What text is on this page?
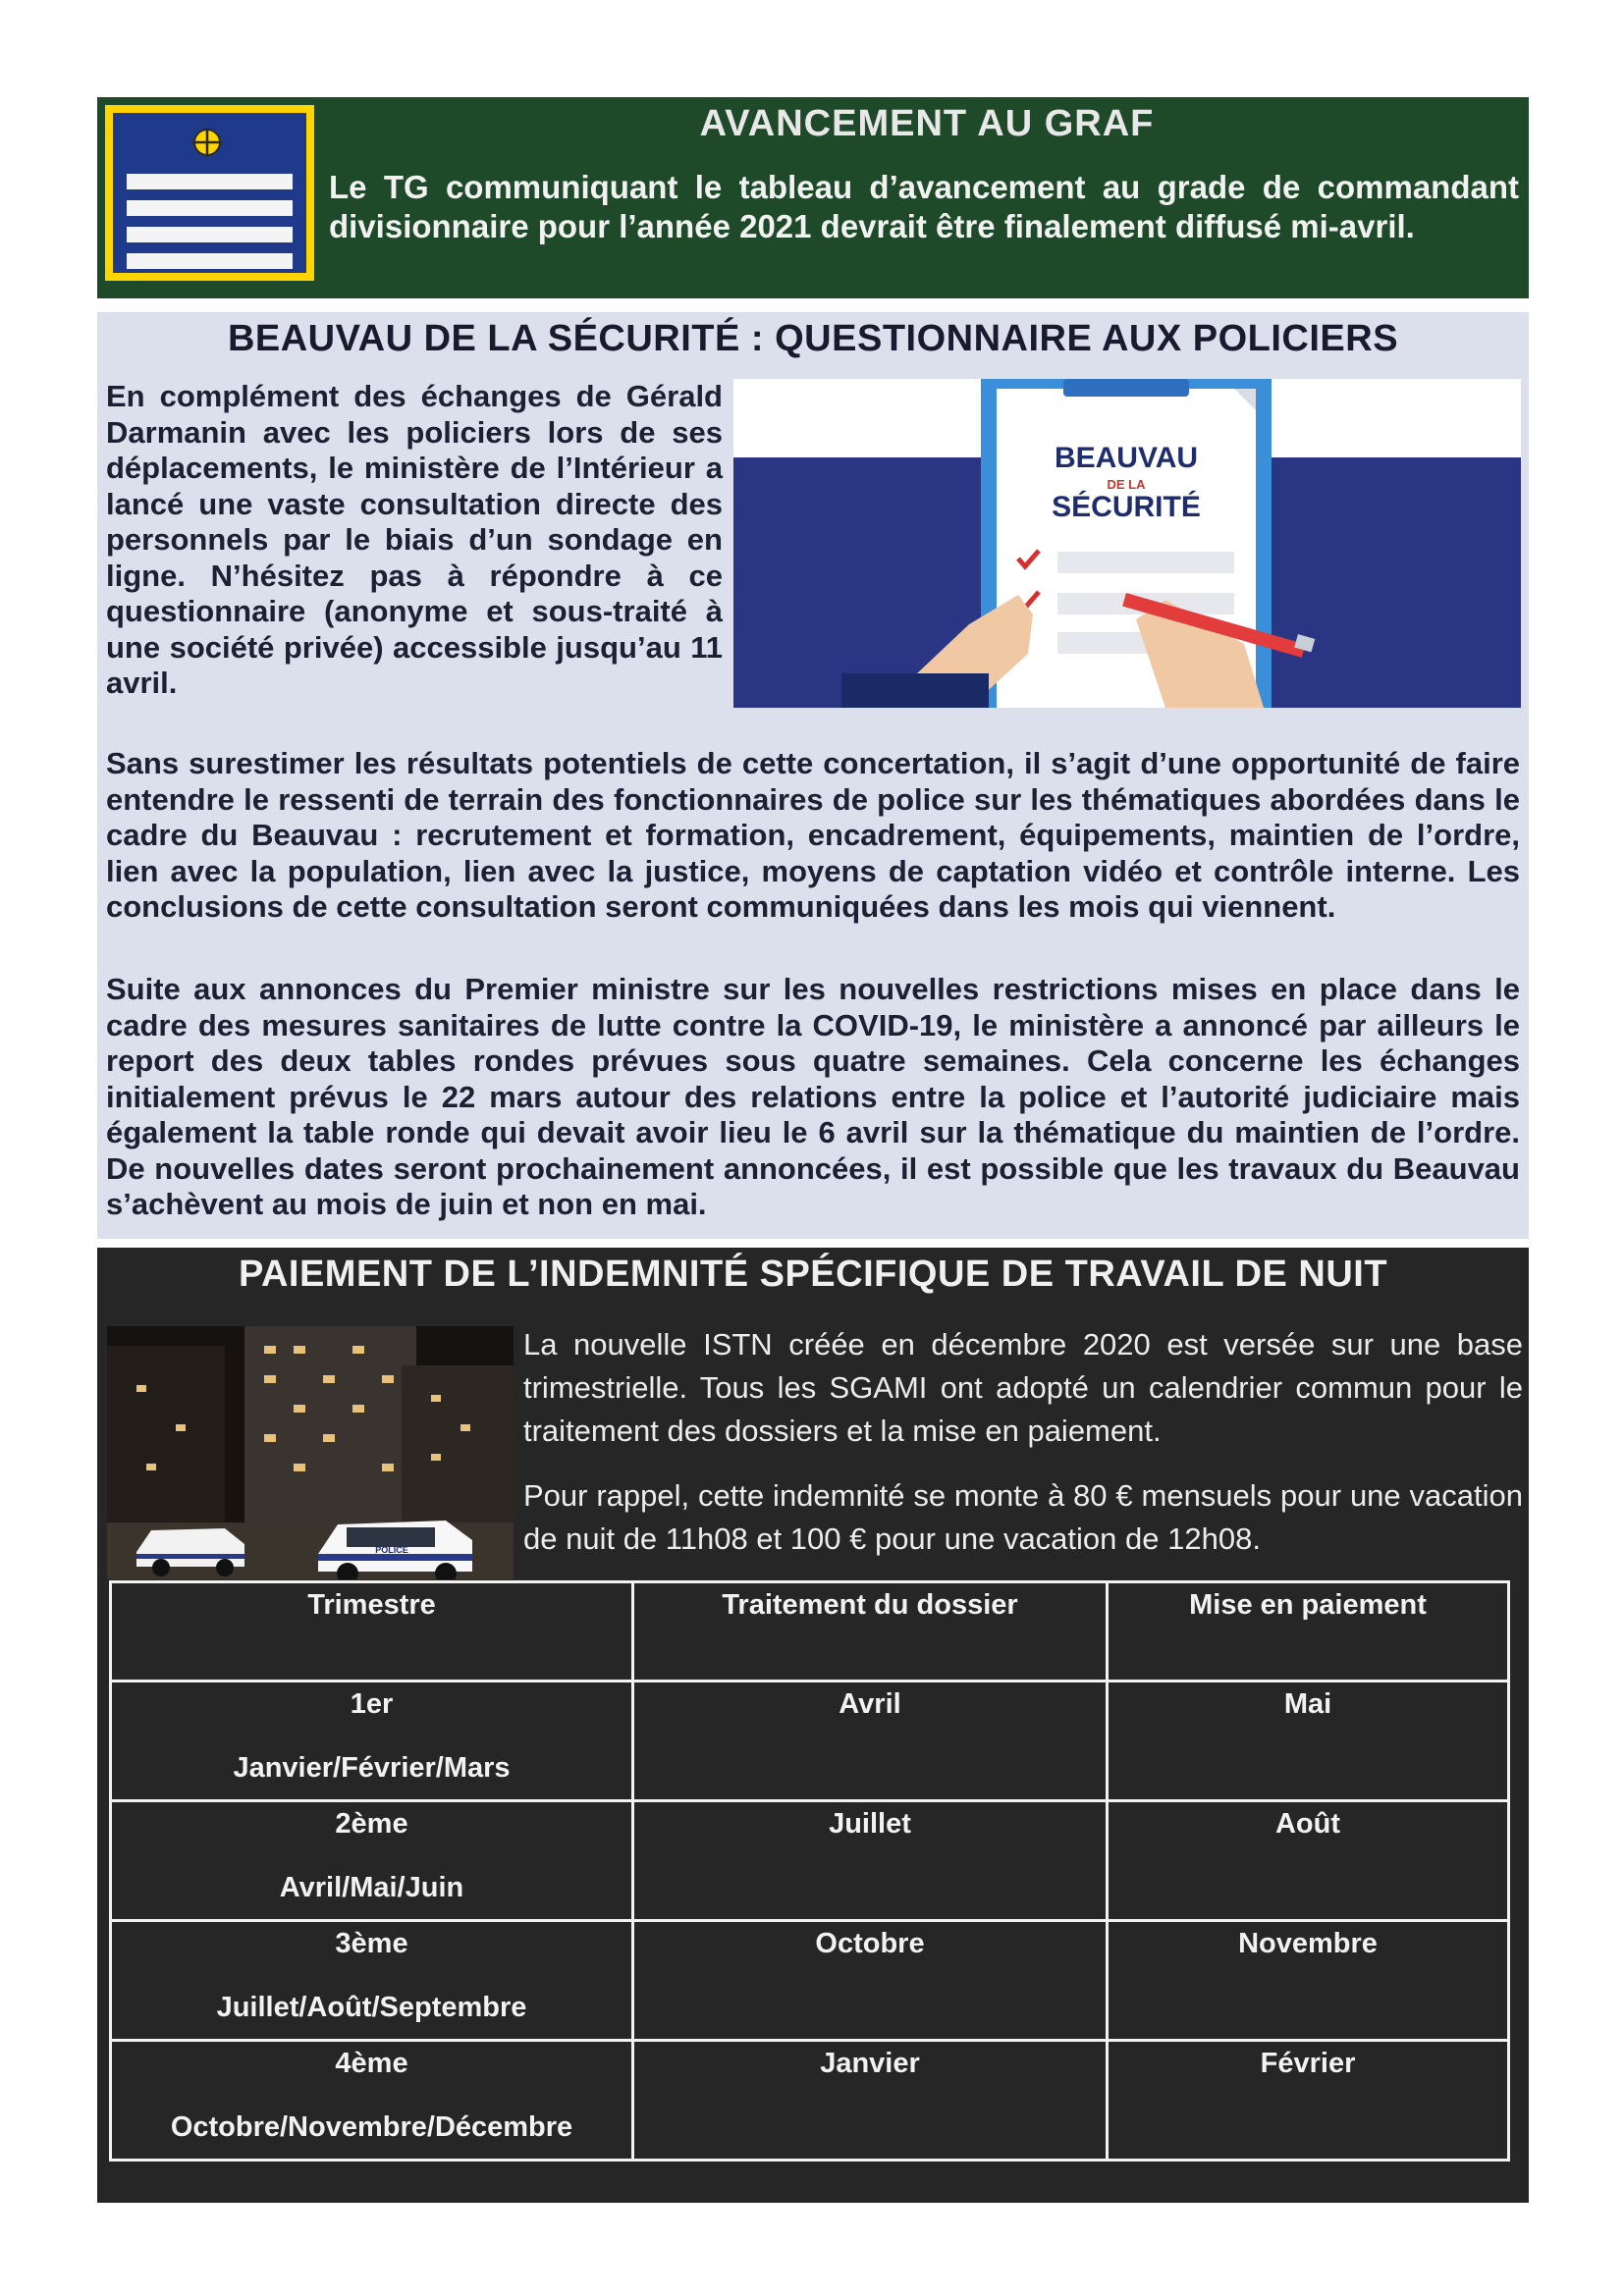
AVANCEMENT AU GRAF
Le TG communiquant le tableau d’avancement au grade de commandant divisionnaire pour l’année 2021 devrait être finalement diffusé mi-avril.
BEAUVAU DE LA SÉCURITÉ : QUESTIONNAIRE AUX POLICIERS

En complément des échanges de Gérald Darmanin avec les policiers lors de ses déplacements, le ministère de l’Intérieur a lancé une vaste consultation directe des personnels par le biais d’un sondage en ligne. N’hésitez pas à répondre à ce questionnaire (anonyme et sous-traité à une société privée) accessible jusqu’au 11 avril.

BEAUVAU
DE LA
SÉCURITÉ

Sans surestimer les résultats potentiels de cette concertation, il s’agit d’une opportunité de faire entendre le ressenti de terrain des fonctionnaires de police sur les thématiques abordées dans le cadre du Beauvau : recrutement et formation, encadrement, équipements, maintien de l’ordre, lien avec la population, lien avec la justice, moyens de captation vidéo et contrôle interne. Les conclusions de cette consultation seront communiquées dans les mois qui viennent.

Suite aux annonces du Premier ministre sur les nouvelles restrictions mises en place dans le cadre des mesures sanitaires de lutte contre la COVID-19, le ministère a annoncé par ailleurs le report des deux tables rondes prévues sous quatre semaines. Cela concerne les échanges initialement prévus le 22 mars autour des relations entre la police et l’autorité judiciaire mais également la table ronde qui devait avoir lieu le 6 avril sur la thématique du maintien de l’ordre. De nouvelles dates seront prochainement annoncées, il est possible que les travaux du Beauvau s’achèvent au mois de juin et non en mai.

PAIEMENT DE L’INDEMNITÉ SPÉCIFIQUE DE TRAVAIL DE NUIT
POLICE
La nouvelle ISTN créée en décembre 2020 est versée sur une base trimestrielle. Tous les SGAMI ont adopté un calendrier commun pour le traitement des dossiers et la mise en paiement.
Pour rappel, cette indemnité se monte à 80 € mensuels pour une vacation de nuit de 11h08 et 100 € pour une vacation de 12h08.
Trimestre	Traitement du dossier	Mise en paiement
1er
Janvier/Février/Mars	Avril	Mai
2ème
Avril/Mai/Juin	Juillet	Août
3ème
Juillet/Août/Septembre	Octobre	Novembre
4ème
Octobre/Novembre/Décembre	Janvier	Février
